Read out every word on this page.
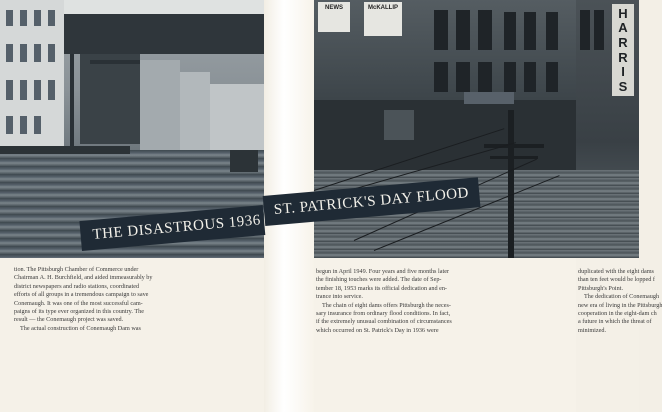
tion. The Pittsburgh Chamber of Commerce under
Chairman A. H. Burchfield, and aided immeasurably by
district newspapers and radio stations, coordinated
efforts of all groups in a tremendous campaign to save
Conemaugh. It was one of the most successful cam-
paigns of its type ever organized in this country. The
result — the Conemaugh project was saved.
The actual construction of Conemaugh Dam was
NEWS	McKALLIP
begun in April 1949. Four years and five months later
the finishing touches were added. The date of Sep-
tember 18, 1953 marks its official dedication and en-
trance into service.
The chain of eight dams offers Pittsburgh the neces-
sary insurance from ordinary flood conditions. In fact,
if the extremely unusual combination of circumstances
which occurred on St. Patrick's Day in 1936 were
H
A
R
R
I
S
duplicated with the eight dams
than ten feet would be lopped f
Pittsburgh's Point.
The dedication of Conemaugh
new era of living in the Pittsburgh
cooperation in the eight-dam ch
a future in which the threat of
minimized.
THE DISASTROUS 1936
ST. PATRICK'S DAY FLOOD
